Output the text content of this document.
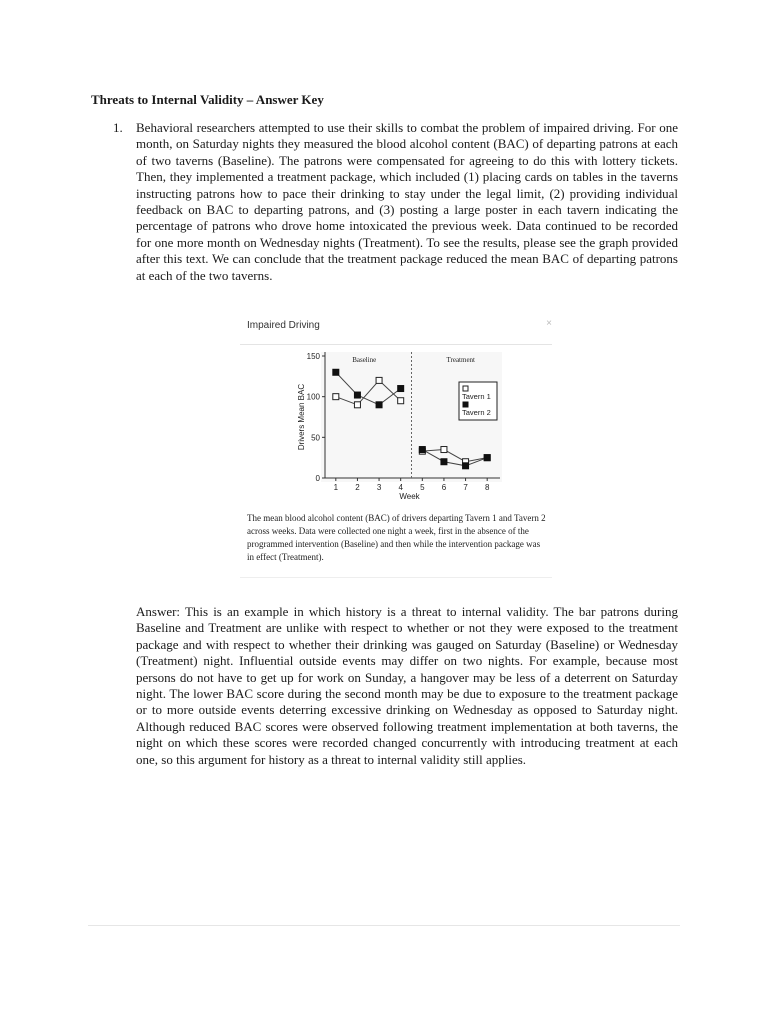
Threats to Internal Validity – Answer Key
1. Behavioral researchers attempted to use their skills to combat the problem of impaired driving. For one month, on Saturday nights they measured the blood alcohol content (BAC) of departing patrons at each of two taverns (Baseline). The patrons were compensated for agreeing to do this with lottery tickets. Then, they implemented a treatment package, which included (1) placing cards on tables in the taverns instructing patrons how to pace their drinking to stay under the legal limit, (2) providing individual feedback on BAC to departing patrons, and (3) posting a large poster in each tavern indicating the percentage of patrons who drove home intoxicated the previous week. Data continued to be recorded for one more month on Wednesday nights (Treatment). To see the results, please see the graph provided after this text. We can conclude that the treatment package reduced the mean BAC of departing patrons at each of the two taverns.
Impaired Driving	×
0
50
100
150
1 2 3 4 5 6 7 8
Week
Drivers Mean BAC
Baseline	Treatment
Tavern 1
Tavern 2
The mean blood alcohol content (BAC) of drivers departing Tavern 1 and Tavern 2 across weeks. Data were collected one night a week, first in the absence of the programmed intervention (Baseline) and then while the intervention package was in effect (Treatment).
Answer: This is an example in which history is a threat to internal validity. The bar patrons during Baseline and Treatment are unlike with respect to whether or not they were exposed to the treatment package and with respect to whether their drinking was gauged on Saturday (Baseline) or Wednesday (Treatment) night. Influential outside events may differ on two nights. For example, because most persons do not have to get up for work on Sunday, a hangover may be less of a deterrent on Saturday night. The lower BAC score during the second month may be due to exposure to the treatment package or to more outside events deterring excessive drinking on Wednesday as opposed to Saturday night. Although reduced BAC scores were observed following treatment implementation at both taverns, the night on which these scores were recorded changed concurrently with introducing treatment at each one, so this argument for history as a threat to internal validity still applies.
